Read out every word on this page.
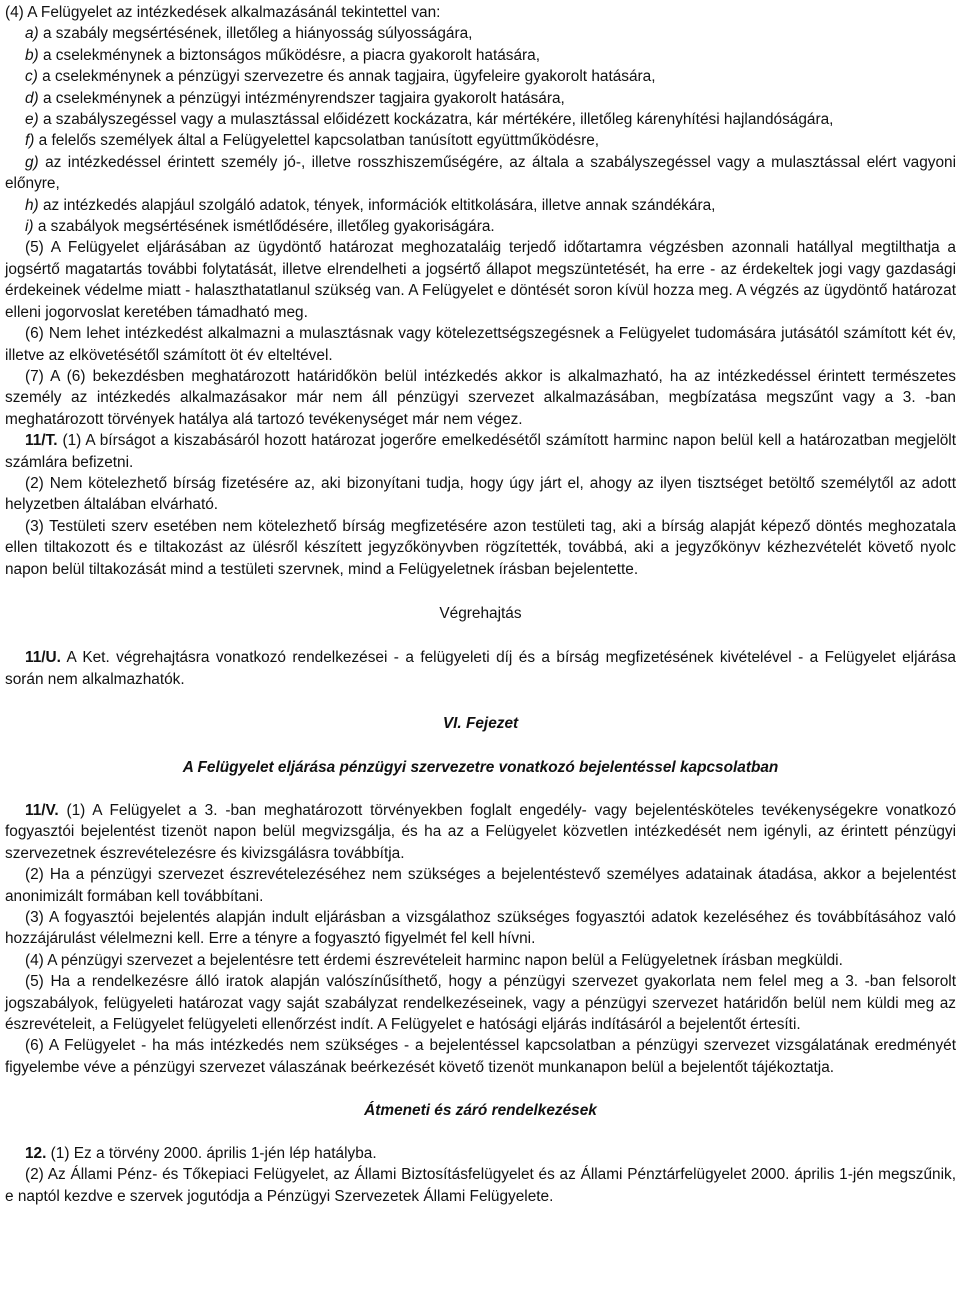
(4) A Felügyelet az intézkedések alkalmazásánál tekintettel van:

a) a szabály megsértésének, illetőleg a hiányosság súlyosságára,

b) a cselekménynek a biztonságos működésre, a piacra gyakorolt hatására,

c) a cselekménynek a pénzügyi szervezetre és annak tagjaira, ügyfeleire gyakorolt hatására,

d) a cselekménynek a pénzügyi intézményrendszer tagjaira gyakorolt hatására,

e) a szabályszegéssel vagy a mulasztással előidézett kockázatra, kár mértékére, illetőleg kárenyhítési hajlandóságára,

f) a felelős személyek által a Felügyelettel kapcsolatban tanúsított együttműködésre,

g) az intézkedéssel érintett személy jó-, illetve rosszhiszeműségére, az általa a szabályszegéssel vagy a mulasztással elért vagyoni előnyre,

h) az intézkedés alapjául szolgáló adatok, tények, információk eltitkolására, illetve annak szándékára,

i) a szabályok megsértésének ismétlődésére, illetőleg gyakoriságára.

(5) A Felügyelet eljárásában az ügydöntő határozat meghozataláig terjedő időtartamra végzésben azonnali hatállyal megtilthatja a jogsértő magatartás további folytatását, illetve elrendelheti a jogsértő állapot megszüntetését, ha erre - az érdekeltek jogi vagy gazdasági érdekeinek védelme miatt - halaszthatatlanul szükség van. A Felügyelet e döntését soron kívül hozza meg. A végzés az ügydöntő határozat elleni jogorvoslat keretében támadható meg.

(6) Nem lehet intézkedést alkalmazni a mulasztásnak vagy kötelezettségszegésnek a Felügyelet tudomására jutásától számított két év, illetve az elkövetésétől számított öt év elteltével.

(7) A (6) bekezdésben meghatározott határidőkön belül intézkedés akkor is alkalmazható, ha az intézkedéssel érintett természetes személy az intézkedés alkalmazásakor már nem áll pénzügyi szervezet alkalmazásában, megbízatása megszűnt vagy a 3. -ban meghatározott törvények hatálya alá tartozó tevékenységet már nem végez.

11/T. (1) A bírságot a kiszabásáról hozott határozat jogerőre emelkedésétől számított harminc napon belül kell a határozatban megjelölt számlára befizetni.

(2) Nem kötelezhető bírság fizetésére az, aki bizonyítani tudja, hogy úgy járt el, ahogy az ilyen tisztséget betöltő személytől az adott helyzetben általában elvárható.

(3) Testületi szerv esetében nem kötelezhető bírság megfizetésére azon testületi tag, aki a bírság alapját képező döntés meghozatala ellen tiltakozott és e tiltakozást az ülésről készített jegyzőkönyvben rögzítették, továbbá, aki a jegyzőkönyv kézhezvételét követő nyolc napon belül tiltakozását mind a testületi szervnek, mind a Felügyeletnek írásban bejelentette.

Végrehajtás

11/U. A Ket. végrehajtásra vonatkozó rendelkezései - a felügyeleti díj és a bírság megfizetésének kivételével - a Felügyelet eljárása során nem alkalmazhatók.

VI. Fejezet

A Felügyelet eljárása pénzügyi szervezetre vonatkozó bejelentéssel kapcsolatban

11/V. (1) A Felügyelet a 3. -ban meghatározott törvényekben foglalt engedély- vagy bejelentésköteles tevékenységekre vonatkozó fogyasztói bejelentést tizenöt napon belül megvizsgálja, és ha az a Felügyelet közvetlen intézkedését nem igényli, az érintett pénzügyi szervezetnek észrevételezésre és kivizsgálásra továbbítja.

(2) Ha a pénzügyi szervezet észrevételezéséhez nem szükséges a bejelentéstevő személyes adatainak átadása, akkor a bejelentést anonimizált formában kell továbbítani.

(3) A fogyasztói bejelentés alapján indult eljárásban a vizsgálathoz szükséges fogyasztói adatok kezeléséhez és továbbításához való hozzájárulást vélelmezni kell. Erre a tényre a fogyasztó figyelmét fel kell hívni.

(4) A pénzügyi szervezet a bejelentésre tett érdemi észrevételeit harminc napon belül a Felügyeletnek írásban megküldi.

(5) Ha a rendelkezésre álló iratok alapján valószínűsíthető, hogy a pénzügyi szervezet gyakorlata nem felel meg a 3. -ban felsorolt jogszabályok, felügyeleti határozat vagy saját szabályzat rendelkezéseinek, vagy a pénzügyi szervezet határidőn belül nem küldi meg az észrevételeit, a Felügyelet felügyeleti ellenőrzést indít. A Felügyelet e hatósági eljárás indításáról a bejelentőt értesíti.

(6) A Felügyelet - ha más intézkedés nem szükséges - a bejelentéssel kapcsolatban a pénzügyi szervezet vizsgálatának eredményét figyelembe véve a pénzügyi szervezet válaszának beérkezését követő tizenöt munkanapon belül a bejelentőt tájékoztatja.

Átmeneti és záró rendelkezések

12. (1) Ez a törvény 2000. április 1-jén lép hatályba.

(2) Az Állami Pénz- és Tőkepiaci Felügyelet, az Állami Biztosításfelügyelet és az Állami Pénztárfelügyelet 2000. április 1-jén megszűnik, e naptól kezdve e szervek jogutódja a Pénzügyi Szervezetek Állami Felügyelete.
